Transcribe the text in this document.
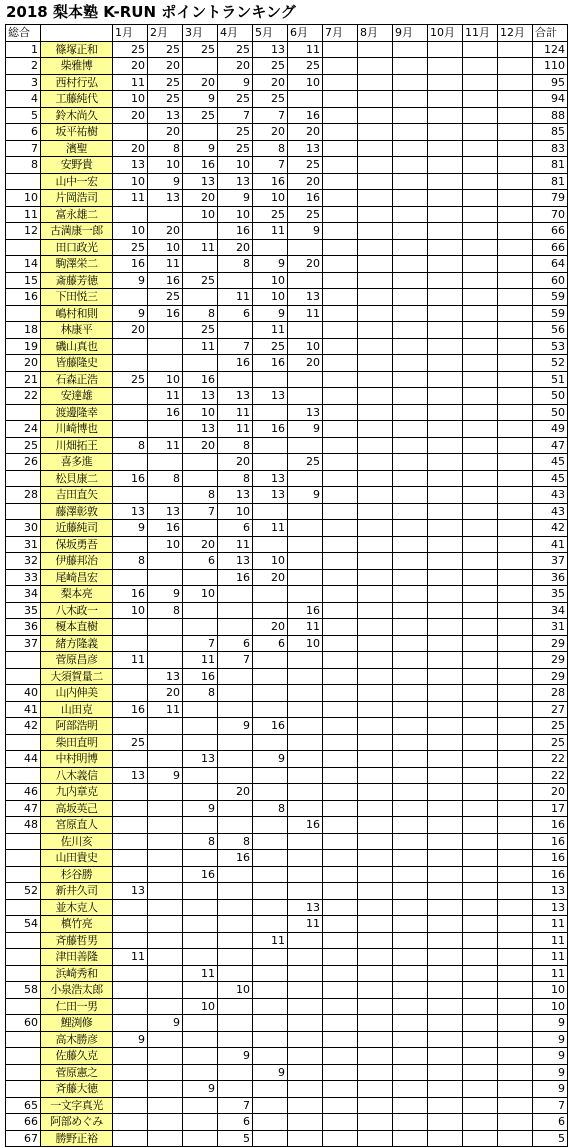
2018 梨本塾 K-RUN ポイントランキング
総合		1月	2月	3月	4月	5月	6月	7月	8月	9月	10月	11月	12月	合計
1	篠塚正和	25	25	25	25	13	11							124
2	柴雅博	20	20		20	25	25							110
3	西村行弘	11	25	20	9	20	10							95
4	工藤純代	10	25	9	25	25								94
5	鈴木尚久	20	13	25	7	7	16							88
6	坂平祐樹		20		25	20	20							85
7	濱聖	20	8	9	25	8	13							83
8	安野貴	13	10	16	10	7	25							81
	山中一宏	10	9	13	13	16	20							81
10	片岡浩司	11	13	20	9	10	16							79
11	富永雄二			10	10	25	25							70
12	古満康一郎	10	20		16	11	9							66
	田口政光	25	10	11	20									66
14	駒澤栄二	16	11		8	9	20							64
15	斎藤芳徳	9	16	25		10								60
16	下田悦三		25		11	10	13							59
	嶋村和則	9	16	8	6	9	11							59
18	林康平	20		25		11								56
19	磯山真也			11	7	25	10							53
20	皆藤隆史				16	16	20							52
21	石森正浩	25	10	16										51
22	安達雄		11	13	13	13								50
	渡邊隆幸		16	10	11		13							50
24	川崎博也			13	11	16	9							49
25	川畑拓王	8	11	20	8									47
26	喜多進				20		25							45
	松貝康二	16	8		8	13								45
28	吉田直矢			8	13	13	9							43
	藤澤彰敦	13	13	7	10									43
30	近藤純司	9	16		6	11								42
31	保坂勇吾		10	20	11									41
32	伊藤邦治	8		6	13	10								37
33	尾崎昌宏				16	20								36
34	梨本亮	16	9	10										35
35	八木政一	10	8				16							34
36	榎本直樹					20	11							31
37	緒方隆義			7	6	6	10							29
	菅原昌彦	11		11	7									29
	大須賀量二		13	16										29
40	山内伸美		20	8										28
41	山田克	16	11											27
42	阿部浩明				9	16								25
	柴田直明	25												25
44	中村明博			13		9								22
	八木義信	13	9											22
46	九内章克				20									20
47	高坂英己			9		8								17
48	宮原直人						16							16
	佐川亥			8	8									16
	山田貴史				16									16
	杉谷勝			16										16
52	新井久司	13												13
	並木克人						13							13
54	槙竹亮						11							11
	斉藤哲男					11								11
	津田善隆	11												11
	浜崎秀和			11										11
58	小泉浩太郎				10									10
	仁田一男			10										10
60	鯉渕修		9											9
	高木勝彦	9												9
	佐藤久克				9									9
	菅原憲之					9								9
	斉藤大徳			9										9
65	一文字真光				7									7
66	阿部めぐみ				6									6
67	勝野正裕				5									5
